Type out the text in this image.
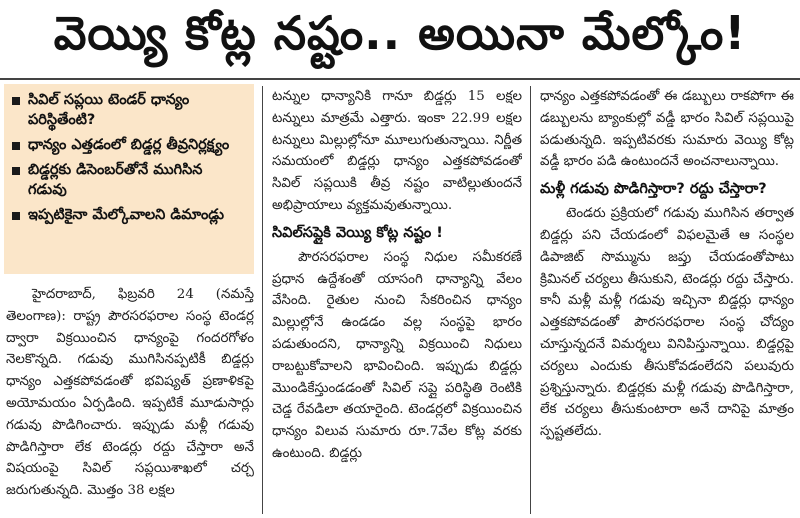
వెయ్యి కోట్ల నష్టం.. అయినా మేల్కోం!
సివిల్ సప్లయి టెండర్ ధాన్యం పరిస్థితేంటి?
ధాన్యం ఎత్తడంలో బిడ్డర్ల తీవ్రనిర్లక్ష్యం
బిడ్డర్లకు డిసెంబర్‌తోనే ముగిసిన గడువు
ఇప్పటికైనా మేల్కోవాలని డిమాండ్లు

హైదరాబాద్, ఫిబ్రవరి 24 (నమస్తే తెలంగాణ): రాష్ట్ర పౌరసరఫరాల సంస్థ టెండర్ల ద్వారా విక్రయించిన ధాన్యంపై గందరగోళం నెలకొన్నది. గడువు ముగిసినప్పటికీ బిడ్డర్లు ధాన్యం ఎత్తకపోవడంతో భవిష్యత్ ప్రణాళికపై అయోమయం ఏర్పడింది. ఇప్పటికే మూడుసార్లు గడువు పొడిగించారు. ఇప్పుడు మళ్లీ గడువు పొడిగిస్తారా లేక టెండర్లు రద్దు చేస్తారా అనే విషయంపై సివిల్ సప్లయిశాఖలో చర్చ జరుగుతున్నది. మొత్తం 38 లక్షల

టన్నుల ధాన్యానికి గానూ బిడ్డర్లు 15 లక్షల టన్నులు మాత్రమే ఎత్తారు. ఇంకా 22.99 లక్షల టన్నులు మిల్లుల్లోనూ మూలుగుతున్నాయి. నిర్ణీత సమయంలో బిడ్డర్లు ధాన్యం ఎత్తకపోవడంతో సివిల్ సప్లయికి తీవ్ర నష్టం వాటిల్లుతుందనే అభిప్రాయాలు వ్యక్తమవుతున్నాయి.

సివిల్‌సప్లైకి వెయ్యి కోట్ల నష్టం !

పౌరసరఫరాల సంస్థ నిధుల సమీకరణే ప్రధాన ఉద్దేశంతో యాసంగి ధాన్యాన్ని వేలం వేసింది. రైతుల నుంచి సేకరించిన ధాన్యం మిల్లుల్లోనే ఉండడం వల్ల సంస్థపై భారం పడుతుందని, ధాన్యాన్ని విక్రయించి నిధులు రాబట్టుకోవాలని భావించింది. ఇప్పుడు బిడ్డర్లు మొండికేస్తుండడంతో సివిల్ సప్లై పరిస్థితి రెంటికి చెడ్డ రేవడిలా తయారైంది. టెండర్లలో విక్రయించిన ధాన్యం విలువ సుమారు రూ.7వేల కోట్ల వరకు ఉంటుంది. బిడ్డర్లు

ధాన్యం ఎత్తకపోవడంతో ఈ డబ్బులు రాకపోగా ఈ డబ్బులను బ్యాంకుల్లో వడ్డీ భారం సివిల్ సప్లయిపై పడుతున్నది. ఇప్పటివరకు సుమారు వెయ్యి కోట్ల వడ్డీ భారం పడి ఉంటుందనే అంచనాలున్నాయి.

మళ్లీ గడువు పొడిగిస్తారా? రద్దు చేస్తారా?

టెండరు ప్రక్రియలో గడువు ముగిసిన తర్వాత బిడ్డర్లు పని చేయడంలో విఫలమైతే ఆ సంస్థల డిపాజిట్ సొమ్మును జప్తు చేయడంతోపాటు క్రిమినల్ చర్యలు తీసుకుని, టెండర్లు రద్దు చేస్తారు. కానీ మళ్లీ మళ్లీ గడువు ఇచ్చినా బిడ్డర్లు ధాన్యం ఎత్తకపోవడంతో పౌరసరఫరాల సంస్థ చోద్యం చూస్తున్నదనే విమర్శలు వినిపిస్తున్నాయి. బిడ్డర్లపై చర్యలు ఎందుకు తీసుకోవడంలేదని పలువురు ప్రశ్నిస్తున్నారు. బిడ్డర్లకు మళ్లీ గడువు పొడిగిస్తారా, లేక చర్యలు తీసుకుంటారా అనే దానిపై మాత్రం స్పష్టతలేదు.
